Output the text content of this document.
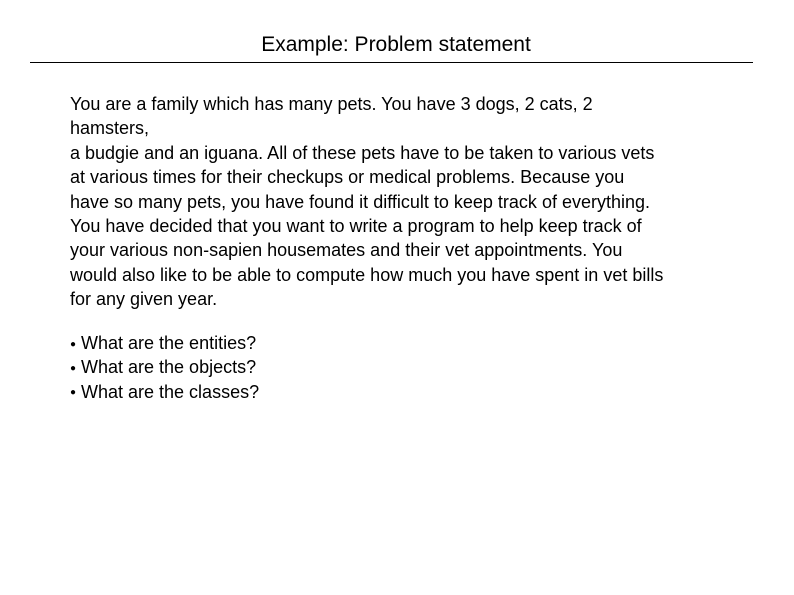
Example: Problem statement
You are a family which has many pets. You have 3 dogs, 2 cats, 2
hamsters,
a budgie and an iguana. All of these pets have to be taken to various vets
at various times for their checkups or medical problems. Because you
have so many pets, you have found it difficult to keep track of everything.
You have decided that you want to write a program to help keep track of
your various non-sapien housemates and their vet appointments. You
would also like to be able to compute how much you have spent in vet bills
for any given year.
● What are the entities?
● What are the objects?
● What are the classes?
